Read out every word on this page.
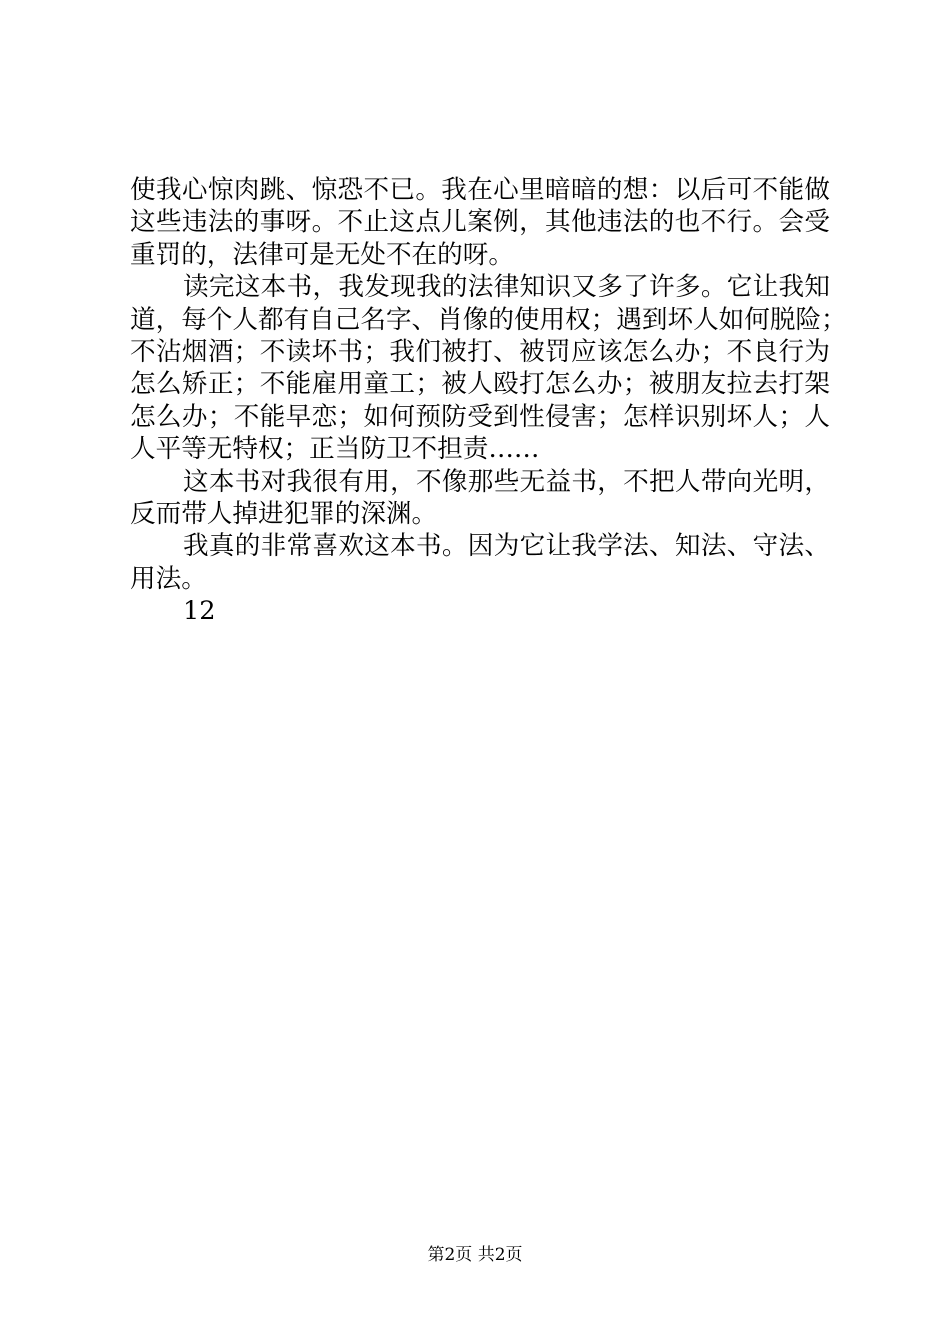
使我心惊肉跳、惊恐不已。我在心里暗暗的想：以后可不能做
这些违法的事呀。不止这点儿案例，其他违法的也不行。会受
重罚的，法律可是无处不在的呀。
读完这本书，我发现我的法律知识又多了许多。它让我知
道，每个人都有自己名字、肖像的使用权；遇到坏人如何脱险；
不沾烟酒；不读坏书；我们被打、被罚应该怎么办；不良行为
怎么矫正；不能雇用童工；被人殴打怎么办；被朋友拉去打架
怎么办；不能早恋；如何预防受到性侵害；怎样识别坏人；人
人平等无特权；正当防卫不担责……
这本书对我很有用，不像那些无益书，不把人带向光明，
反而带人掉进犯罪的深渊。
我真的非常喜欢这本书。因为它让我学法、知法、守法、
用法。
12
第2页 共2页
